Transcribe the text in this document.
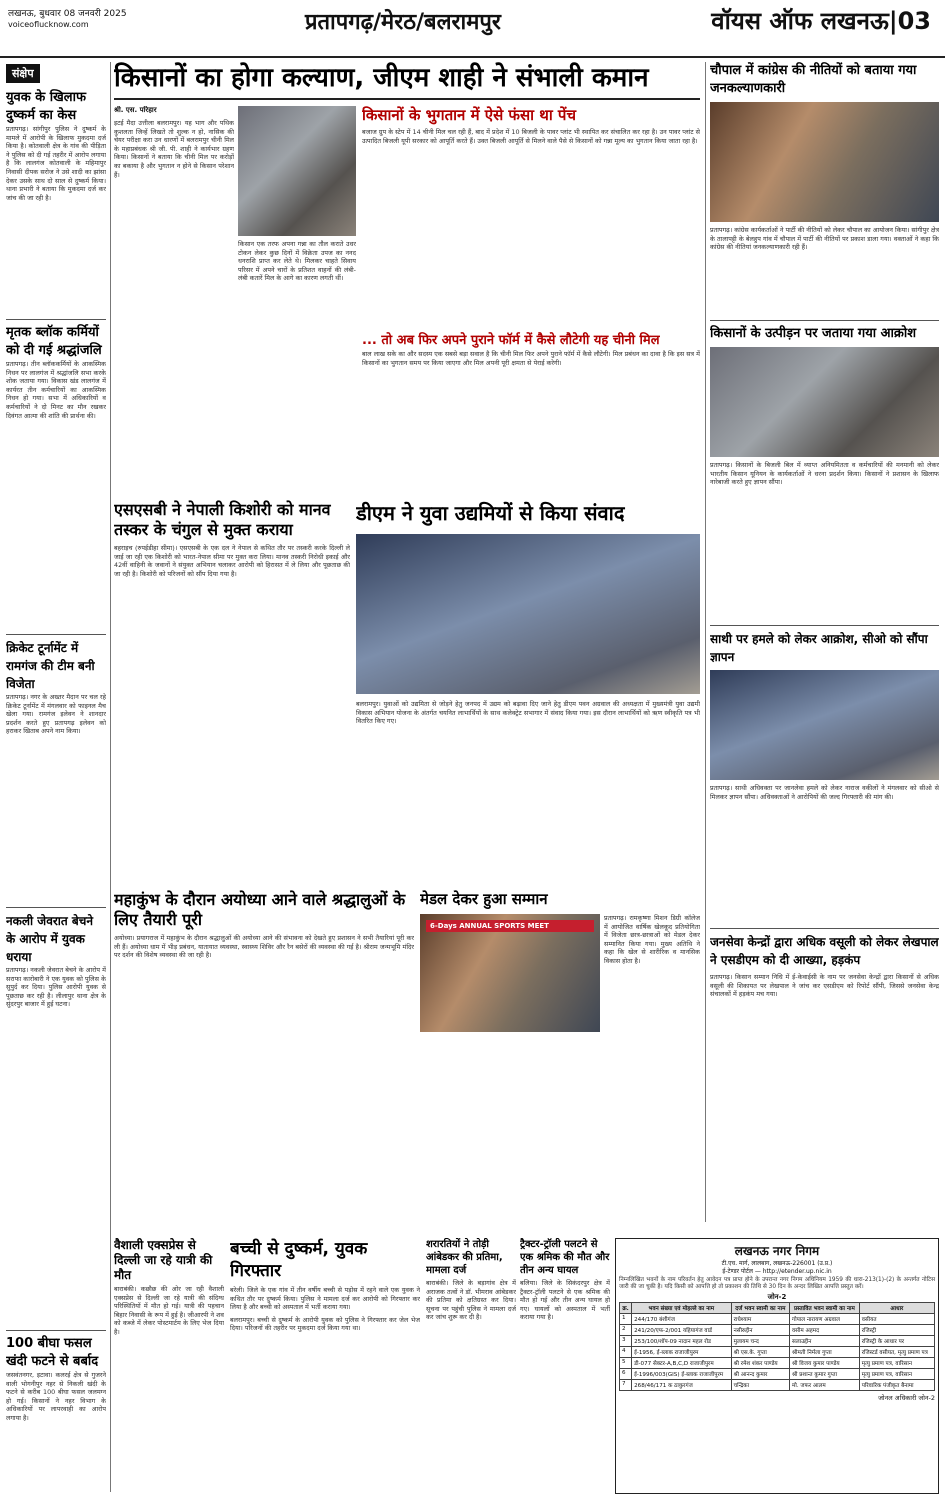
लखनऊ, बुधवार 08 जनवरी 2025
voiceoflucknow.com	प्रतापगढ़/मेरठ/बलरामपुर	वॉयस ऑफ लखनऊ|03
संक्षेप
युवक के खिलाफ दुष्कर्म का केस
प्रतापगढ़। सांगीपुर पुलिस ने दुष्कर्म के मामले में आरोपी के खिलाफ मुकदमा दर्ज किया है। कोतवाली क्षेत्र के गांव की पीड़िता ने पुलिस को दी गई तहरीर में आरोप लगाया है कि लालगंज कोतवाली के महिमापुर निवासी दीपक सरोज ने उसे शादी का झांसा देकर उसके साथ दो साल से दुष्कर्म किया। थाना प्रभारी ने बताया कि मुकदमा दर्ज कर जांच की जा रही है।
मृतक ब्लॉक कर्मियों को दी गई श्रद्धांजलि
प्रतापगढ़। तीन ब्लॉककर्मियों के आकस्मिक निधन पर लालगंज में श्रद्धांजलि सभा करके शोक जताया गया। विकास खंड लालगंज में कार्यरत तीन कर्मचारियों का आकस्मिक निधन हो गया। सभा में अधिकारियों व कर्मचारियों ने दो मिनट का मौन रखकर दिवंगत आत्मा की शांति की प्रार्थना की।
क्रिकेट टूर्नामेंट में रामगंज की टीम बनी विजेता
प्रतापगढ़। नगर के अख्तर मैदान पर चल रहे क्रिकेट टूर्नामेंट में मंगलवार को फाइनल मैच खेला गया। रामगंज इलेवन ने शानदार प्रदर्शन करते हुए प्रतापगढ़ इलेवन को हराकर खिताब अपने नाम किया।
नकली जेवरात बेचने के आरोप में युवक धराया
प्रतापगढ़। नकली जेवरात बेचने के आरोप में सराफा कारोबारी ने एक युवक को पुलिस के सुपुर्द कर दिया। पुलिस आरोपी युवक से पूछताछ कर रही है। लीलापुर थाना क्षेत्र के सुंदरपुर बाजार में हुई घटना।
100 बीघा फसल खंदी फटने से बर्बाद
जसवंतनगर, इटावा। कलरई क्षेत्र से गुजरने वाली भोगनीपुर नहर से निकली खंदी के फटने से करीब 100 बीघा फसल जलमग्न हो गई। किसानों ने नहर विभाग के अधिकारियों पर लापरवाही का आरोप लगाया है।
किसानों का होगा कल्याण, जीएम शाही ने संभाली कमान
श्री. एस. परिहार
इटई मैदा उत्तीला बलरामपुर। यह भाग और पथिक कुशलता जिन्हें लिखते तो शुल्क न हो, नासिक की चेयर परीक्षा करा उन धारणों में बलरामपुर चीनी मिल के महाप्रबंधक श्री जी. पी. शाही ने कार्यभार ग्रहण किया। किसानों ने बताया कि चीनी मिल पर करोड़ों का बकाया है और भुगतान न होने से किसान परेशान हैं।
किसान एक तरफ अपना गन्ना का तौल कराते उधर टोकन लेकर कुछ दिनों में विक्रेता उपज का ननद धनराशि प्राप्त कर लेते थे। मिलकर चाहते सिवाय परिसर में अपने चारों के प्रतिशत वाहनों की लंबी-लंबी कतारें मिल के आगे का कारण लगती थीं।
किसानों के भुगतान में ऐसे फंसा था पेंच
बजाज ग्रुप के स्टेप में 14 चीनी मिल चल रही हैं, बाद में प्रदेश में 10 बिजली के पावर प्लांट भी स्थापित कर संचालित कर रहा है। उन पावर प्लांट से उत्पादित बिजली यूपी सरकार को आपूर्ति करते हैं। उक्त बिजली आपूर्ति से मिलने वाले पैसे से किसानों को गन्ना मूल्य का भुगतान किया जाता रहा है।
... तो अब फिर अपने पुराने फॉर्म में कैसे लौटेगी यह चीनी मिल
बाल लाख सके का और सदस्य एक सबसे बड़ा सवाल है कि चीनी मिल फिर अपने पुराने फॉर्म में कैसे लौटेगी। मिल प्रबंधन का दावा है कि इस सत्र में किसानों का भुगतान समय पर किया जाएगा और मिल अपनी पूरी क्षमता से पेराई करेगी।
एसएसबी ने नेपाली किशोरी को मानव तस्कर के चंगुल से मुक्त कराया
बहराइच (रुपईडीहा सीमा)। एसएसबी के एक दल ने नेपाल से कथित तौर पर तस्करी करके दिल्ली ले जाई जा रही एक किशोरी को भारत-नेपाल सीमा पर मुक्त करा लिया। मानव तस्करी निरोधी इकाई और 42वीं वाहिनी के जवानों ने संयुक्त अभियान चलाकर आरोपी को हिरासत में ले लिया और पूछताछ की जा रही है। किशोरी को परिजनों को सौंप दिया गया है।
डीएम ने युवा उद्यमियों से किया संवाद
बलरामपुर। युवाओं को उद्यमिता से जोड़ने हेतु जनपद में उद्यम को बढ़ावा दिए जाने हेतु डीएम पवन अग्रवाल की अध्यक्षता में मुख्यमंत्री युवा उद्यमी विकास अभियान योजना के अंतर्गत चयनित लाभार्थियों के साथ कलेक्ट्रेट सभागार में संवाद किया गया। इस दौरान लाभार्थियों को ऋण स्वीकृति पत्र भी वितरित किए गए।
महाकुंभ के दौरान अयोध्या आने वाले श्रद्धालुओं के लिए तैयारी पूरी
अयोध्या। प्रयागराज में महाकुंभ के दौरान श्रद्धालुओं की अयोध्या आने की संभावना को देखते हुए प्रशासन ने सभी तैयारियां पूरी कर ली हैं। अयोध्या धाम में भीड़ प्रबंधन, यातायात व्यवस्था, स्वास्थ्य शिविर और रैन बसेरों की व्यवस्था की गई है। श्रीराम जन्मभूमि मंदिर पर दर्शन की विशेष व्यवस्था की जा रही है।
मेडल देकर हुआ सम्मान
6-Days ANNUAL SPORTS MEET
प्रतापगढ़। रामकृष्णा मिशन डिग्री कॉलेज में आयोजित वार्षिक खेलकूद प्रतियोगिता में विजेता छात्र-छात्राओं को मेडल देकर सम्मानित किया गया। मुख्य अतिथि ने कहा कि खेल से शारीरिक व मानसिक विकास होता है।
वैशाली एक्सप्रेस से दिल्ली जा रहे यात्री की मौत
बाराबंकी। कछौछ की ओर जा रही वैशाली एक्सप्रेस से दिल्ली जा रहे यात्री की संदिग्ध परिस्थितियों में मौत हो गई। यात्री की पहचान बिहार निवासी के रूप में हुई है। जीआरपी ने शव को कब्जे में लेकर पोस्टमार्टम के लिए भेज दिया है।
बच्ची से दुष्कर्म, युवक गिरफ्तार
बरेली। जिले के एक गांव में तीन वर्षीय बच्ची से पड़ोस में रहने वाले एक युवक ने कथित तौर पर दुष्कर्म किया। पुलिस ने मामला दर्ज कर आरोपी को गिरफ्तार कर लिया है और बच्ची को अस्पताल में भर्ती कराया गया।
बलरामपुर। बच्ची से दुष्कर्म के आरोपी युवक को पुलिस ने गिरफ्तार कर जेल भेज दिया। परिजनों की तहरीर पर मुकदमा दर्ज किया गया था।
शरारतियों ने तोड़ी आंबेडकर की प्रतिमा, मामला दर्ज
बाराबंकी। जिले के बड़ागांव क्षेत्र में अराजक तत्वों ने डॉ. भीमराव आंबेडकर की प्रतिमा को क्षतिग्रस्त कर दिया। सूचना पर पहुंची पुलिस ने मामला दर्ज कर जांच शुरू कर दी है।
ट्रैक्टर-ट्रॉली पलटने से एक श्रमिक की मौत और तीन अन्य घायल
बलिया। जिले के सिकंदरपुर क्षेत्र में ट्रैक्टर-ट्रॉली पलटने से एक श्रमिक की मौत हो गई और तीन अन्य घायल हो गए। घायलों को अस्पताल में भर्ती कराया गया है।
चौपाल में कांग्रेस की नीतियों को बताया गया जनकल्याणकारी
प्रतापगढ़। कांग्रेस कार्यकर्ताओं ने पार्टी की नीतियों को लेकर चौपाल का आयोजन किया। सांगीपुर क्षेत्र के तालापट्टी के बेलहुप गांव में चौपाल में पार्टी की नीतियों पर प्रकाश डाला गया। वक्ताओं ने कहा कि कांग्रेस की नीतियां जनकल्याणकारी रही हैं।
किसानों के उत्पीड़न पर जताया गया आक्रोश
प्रतापगढ़। किसानों के बिजली बिल में व्याप्त अनियमितता व कर्मचारियों की मनमानी को लेकर भारतीय किसान यूनियन के कार्यकर्ताओं ने धरना प्रदर्शन किया। किसानों ने प्रशासन के खिलाफ नारेबाजी करते हुए ज्ञापन सौंपा।
साथी पर हमले को लेकर आक्रोश, सीओ को सौंपा ज्ञापन
प्रतापगढ़। साथी अधिवक्ता पर जानलेवा हमले को लेकर नाराज वकीलों ने मंगलवार को सीओ से मिलकर ज्ञापन सौंपा। अधिवक्ताओं ने आरोपियों की जल्द गिरफ्तारी की मांग की।
जनसेवा केन्द्रों द्वारा अधिक वसूली को लेकर लेखपाल ने एसडीएम को दी आख्या, हड़कंप
प्रतापगढ़। किसान सम्मान निधि में ई-केवाईसी के नाम पर जनसेवा केन्द्रों द्वारा किसानों से अधिक वसूली की शिकायत पर लेखपाल ने जांच कर एसडीएम को रिपोर्ट सौंपी, जिससे जनसेवा केन्द्र संचालकों में हड़कंप मच गया।
लखनऊ नगर निगम
टी.एच. मार्ग, लालबाग, लखनऊ-226001 (उ.प्र.)
ई-टेण्डर पोर्टल — http://etender.up.nic.in
निम्नलिखित भवनों के नाम परिवर्तन हेतु आवेदन पत्र प्राप्त होने के उपरान्त नगर निगम अधिनियम 1959 की धारा-213(1)-(2) के अन्तर्गत नोटिस जारी की जा चुकी है। यदि किसी को आपत्ति हो तो प्रकाशन की तिथि से 30 दिन के अन्दर लिखित आपत्ति प्रस्तुत करें।
जोन-2
क्र.	भवन संख्या एवं मोहल्ले का नाम	दर्ज भवन स्वामी का नाम	प्रस्तावित भवन स्वामी का नाम	आधार
1	244/170 बंशीगंज	राधेश्याम	गोपाल नारायण अग्रवाल	वसीयत
2	241/20/एफ-2/001 यहियागंज वार्ड	नसीरुद्दीन	वसीम अहमद	रजिस्ट्री
3	253/100/शॉप-09 नादान महल रोड	मुलायम चन्द	सलाउद्दीन	रजिस्ट्री के आधार पर
4	ई-1956, ई-ब्लाक राजाजीपुरम	श्री एस.के. गुप्ता	श्रीमती निर्मला गुप्ता	रजिस्टर्ड वसीयत, मृत्यु प्रमाण पत्र
5	डी-077 सेक्टर-A,B,C,D राजाजीपुरम	श्री रमेश शंकर पाण्डेय	श्री विजय कुमार पाण्डेय	मृत्यु प्रमाण पत्र, वारिसान
6	ई-1996/003(GIS) ई-ब्लाक राजाजीपुरम	श्री आनन्द कुमार	श्री प्रशान्त कुमार गुप्ता	मृत्यु प्रमाण पत्र, वारिसान
7	268/46/171 क ठाकुरगंज	चन्द्रिका	मो. जफर आलम	परिवारिक पंजीकृत बैनामा
जोनल अधिकारी जोन-2
